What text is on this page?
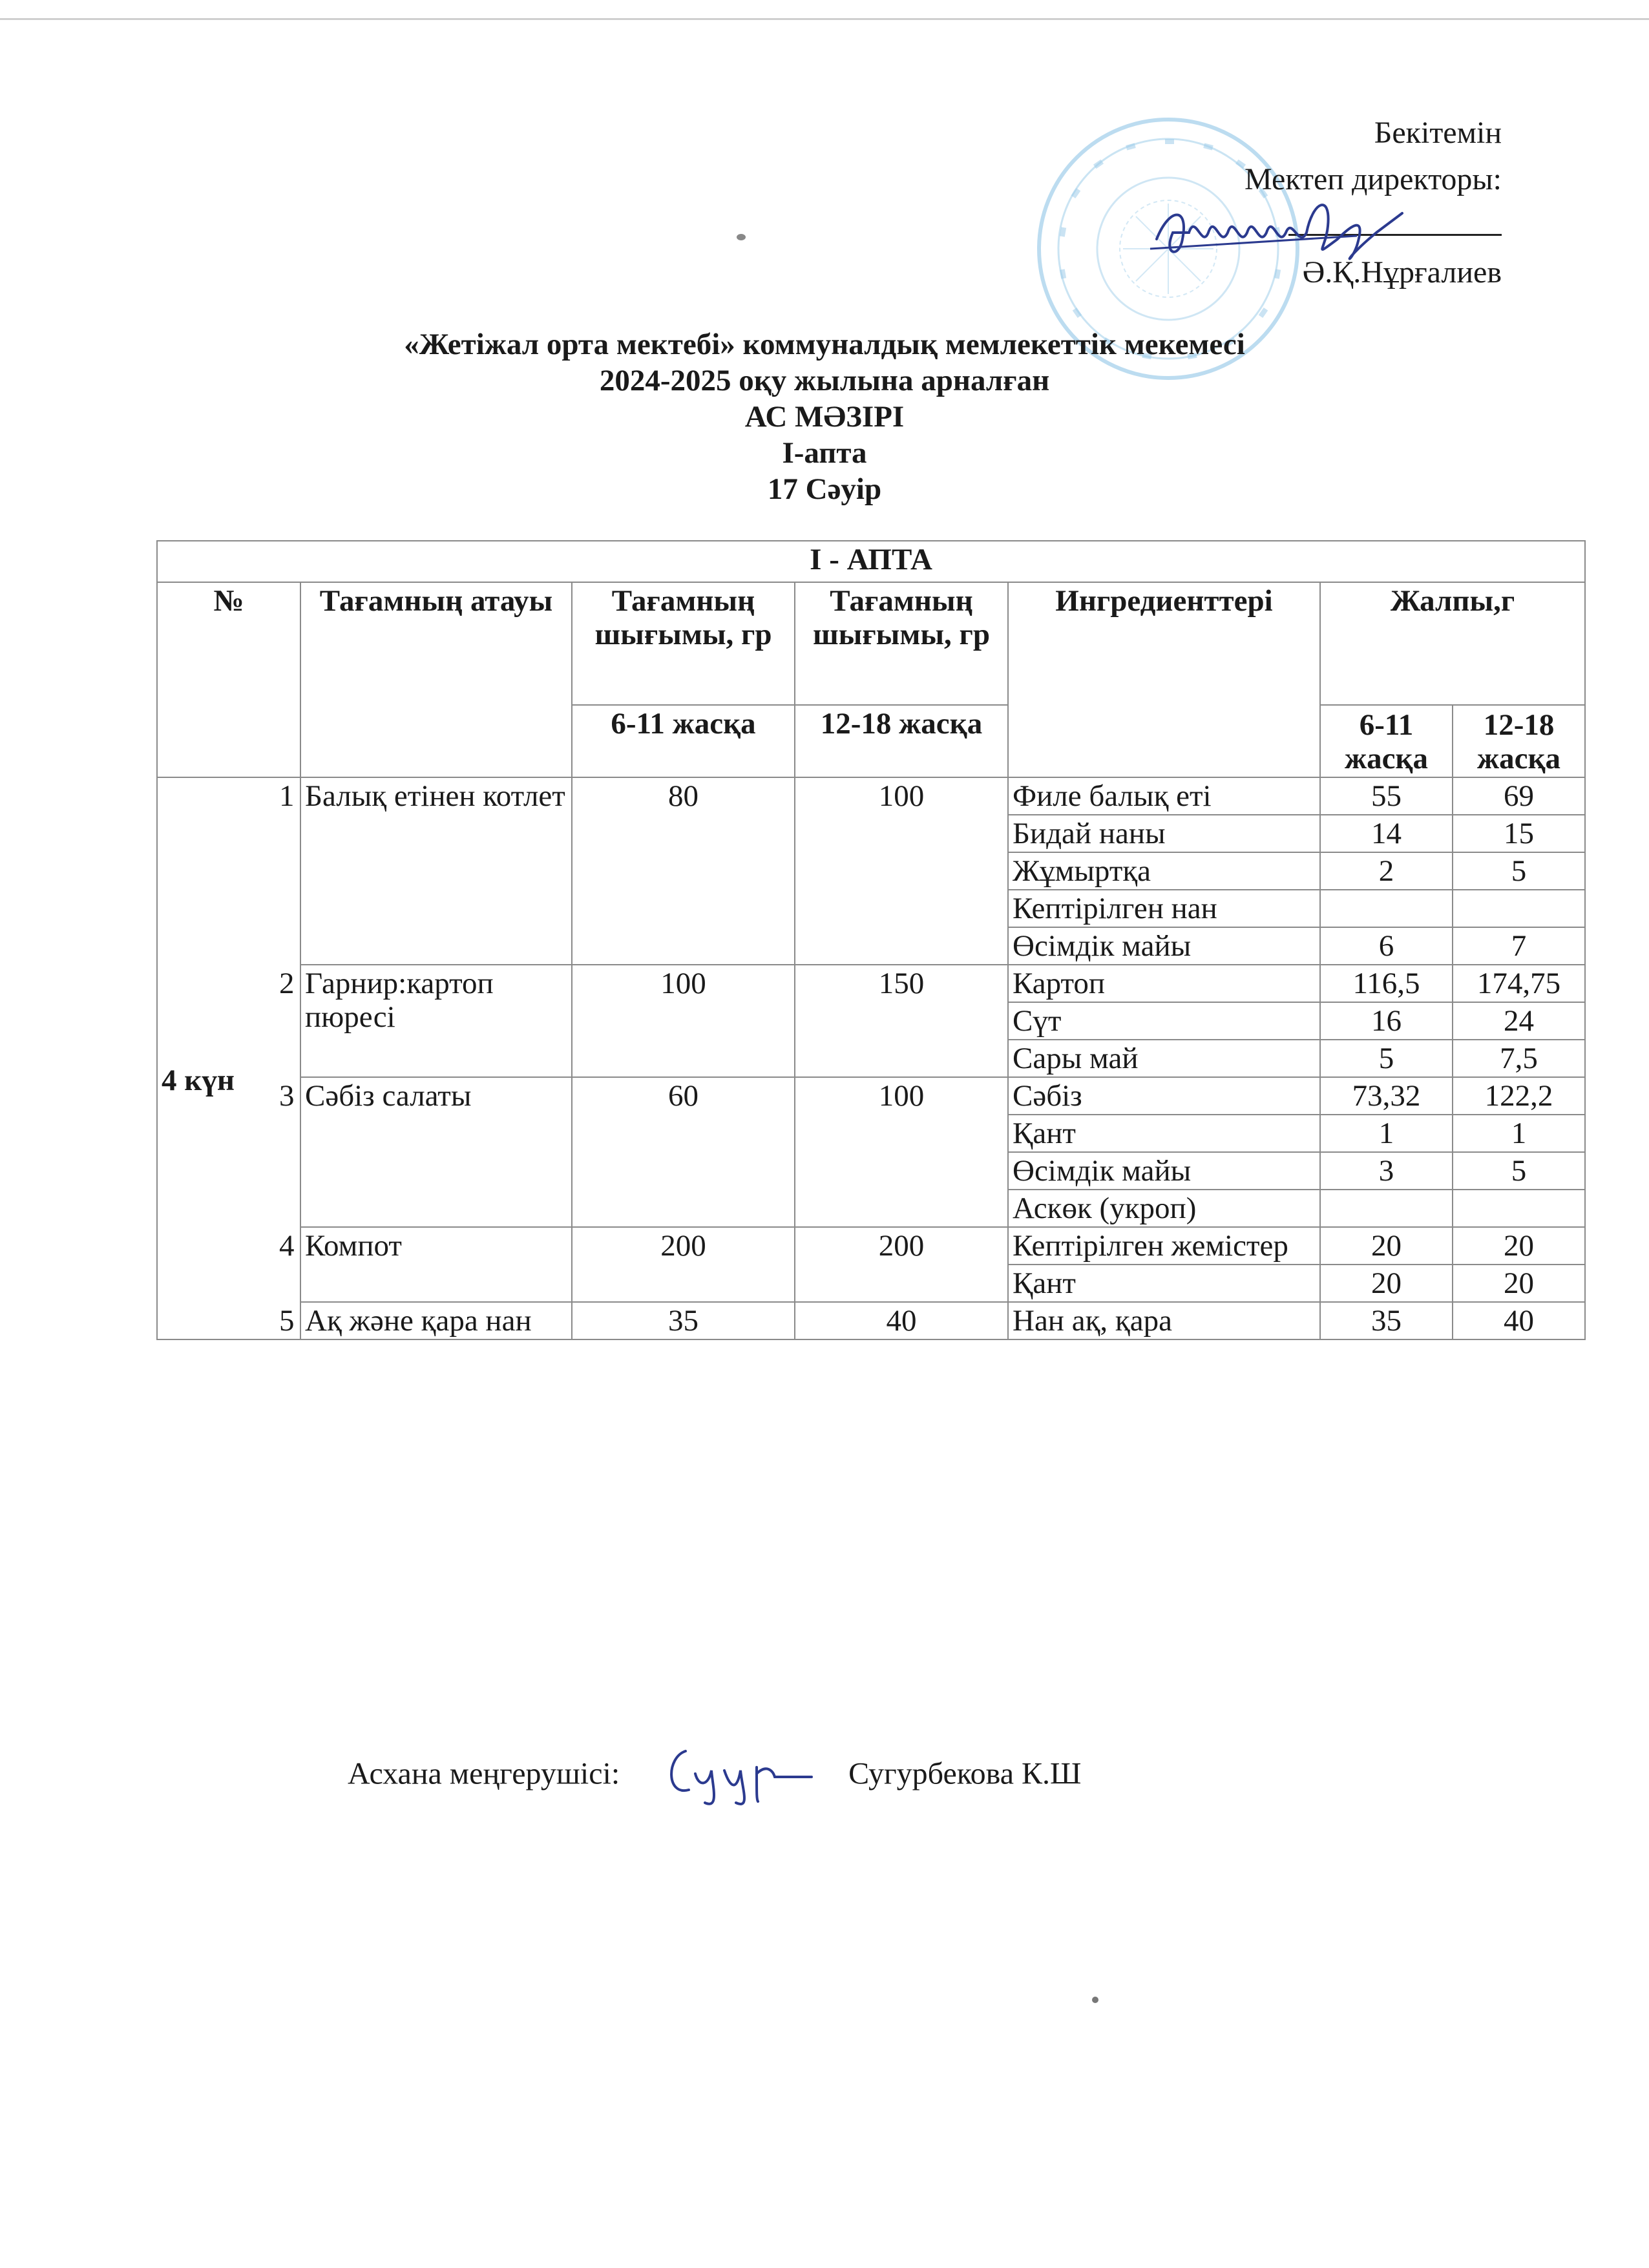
Бекітемін
Мектеп директоры:
Ә.Қ.Нұрғалиев
«Жетіжал орта мектебі» коммуналдық мемлекеттік мекемесі
2024-2025 оқу жылына арналған
АС МӘЗІРІ
І-апта
17 Сәуір
І - АПТА						
№	Тағамның атауы	Тағамның шығымы, гр	Тағамның шығымы, гр	Ингредиенттері	Жалпы,г	
		6-11 жасқа	12-18 жасқа		6-11 жасқа	12-18 жасқа
4 күн	1 Балық етінен котлет	80	100	Филе балық еті	55	69
				Бидай наны	14	15
				Жұмыртқа	2	5
				Кептірілген нан		
				Өсімдік майы	6	7

	2 Гарнир:картоп пюресі	100	150	Картоп	116,5	174,75
				Сүт	16	24
				Сары май	5	7,5

	3 Сәбіз салаты	60	100	Сәбіз	73,32	122,2
				Қант	1	1
				Өсімдік майы	3	5
				Аскөк (укроп)		

	4 Компот	200	200	Кептірілген жемістер	20	20
				Қант	20	20

	5 Ақ және қара нан	35	40	Нан ақ, қара	35	40
Асхана меңгерушісі:	Сугурбекова К.Ш
